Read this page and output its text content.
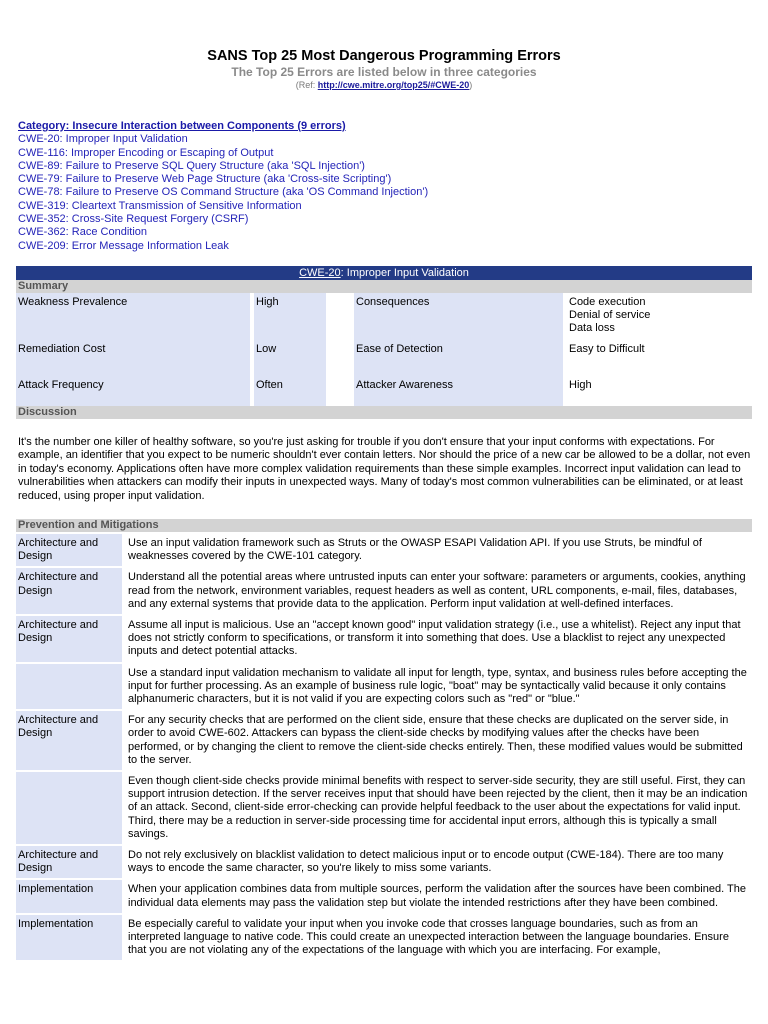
SANS Top 25 Most Dangerous Programming Errors
The Top 25 Errors are listed below in three categories
(Ref: http://cwe.mitre.org/top25/#CWE-20)
Category: Insecure Interaction between Components (9 errors)
CWE-20: Improper Input Validation
CWE-116: Improper Encoding or Escaping of Output
CWE-89: Failure to Preserve SQL Query Structure (aka 'SQL Injection')
CWE-79: Failure to Preserve Web Page Structure (aka 'Cross-site Scripting')
CWE-78: Failure to Preserve OS Command Structure (aka 'OS Command Injection')
CWE-319: Cleartext Transmission of Sensitive Information
CWE-352: Cross-Site Request Forgery (CSRF)
CWE-362: Race Condition
CWE-209: Error Message Information Leak
CWE-20: Improper Input Validation
Summary
Weakness Prevalence		High		Consequences		Code execution
Denial of service
Data loss
Remediation Cost		Low		Ease of Detection		Easy to Difficult
Attack Frequency		Often		Attacker Awareness		High
Discussion
It's the number one killer of healthy software, so you're just asking for trouble if you don't ensure that your input conforms with expectations. For example, an identifier that you expect to be numeric shouldn't ever contain letters. Nor should the price of a new car be allowed to be a dollar, not even in today's economy. Applications often have more complex validation requirements than these simple examples. Incorrect input validation can lead to vulnerabilities when attackers can modify their inputs in unexpected ways. Many of today's most common vulnerabilities can be eliminated, or at least reduced, using proper input validation.
Prevention and Mitigations
Architecture and Design	Use an input validation framework such as Struts or the OWASP ESAPI Validation API. If you use Struts, be mindful of weaknesses covered by the CWE-101 category.
Architecture and Design	Understand all the potential areas where untrusted inputs can enter your software: parameters or arguments, cookies, anything read from the network, environment variables, request headers as well as content, URL components, e-mail, files, databases, and any external systems that provide data to the application. Perform input validation at well-defined interfaces.
Architecture and Design	Assume all input is malicious. Use an "accept known good" input validation strategy (i.e., use a whitelist). Reject any input that does not strictly conform to specifications, or transform it into something that does. Use a blacklist to reject any unexpected inputs and detect potential attacks.
	Use a standard input validation mechanism to validate all input for length, type, syntax, and business rules before accepting the input for further processing. As an example of business rule logic, "boat" may be syntactically valid because it only contains alphanumeric characters, but it is not valid if you are expecting colors such as "red" or "blue."
Architecture and Design	For any security checks that are performed on the client side, ensure that these checks are duplicated on the server side, in order to avoid CWE-602. Attackers can bypass the client-side checks by modifying values after the checks have been performed, or by changing the client to remove the client-side checks entirely. Then, these modified values would be submitted to the server.
	Even though client-side checks provide minimal benefits with respect to server-side security, they are still useful. First, they can support intrusion detection. If the server receives input that should have been rejected by the client, then it may be an indication of an attack. Second, client-side error-checking can provide helpful feedback to the user about the expectations for valid input. Third, there may be a reduction in server-side processing time for accidental input errors, although this is typically a small savings.
Architecture and Design	Do not rely exclusively on blacklist validation to detect malicious input or to encode output (CWE-184). There are too many ways to encode the same character, so you're likely to miss some variants.
Implementation	When your application combines data from multiple sources, perform the validation after the sources have been combined. The individual data elements may pass the validation step but violate the intended restrictions after they have been combined.
Implementation	Be especially careful to validate your input when you invoke code that crosses language boundaries, such as from an interpreted language to native code. This could create an unexpected interaction between the language boundaries. Ensure that you are not violating any of the expectations of the language with which you are interfacing. For example,
